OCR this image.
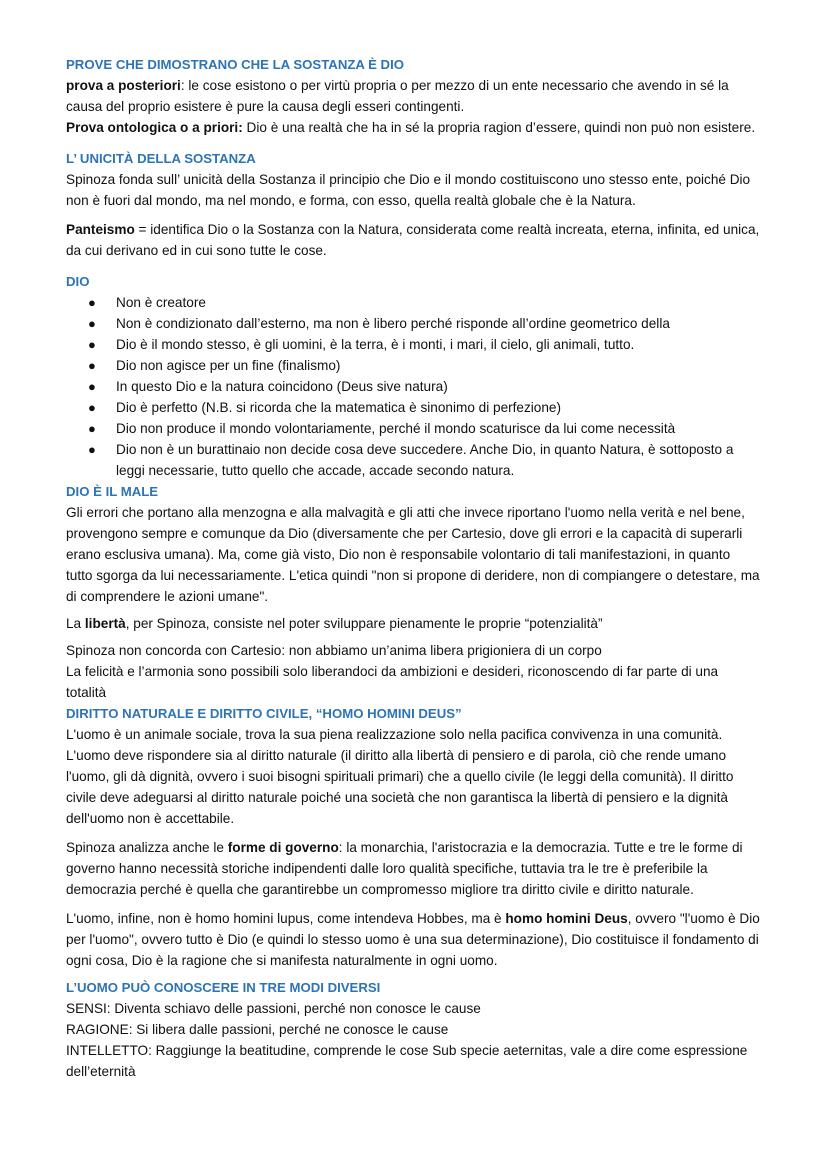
PROVE CHE DIMOSTRANO CHE LA SOSTANZA È DIO

prova a posteriori: le cose esistono o per virtù propria o per mezzo di un ente necessario che avendo in sé la causa del proprio esistere è pure la causa degli esseri contingenti.

Prova ontologica o a priori: Dio è una realtà che ha in sé la propria ragion d’essere, quindi non può non esistere.

L’ UNICITÀ DELLA SOSTANZA

Spinoza fonda sull’ unicità della Sostanza il principio che Dio e il mondo costituiscono uno stesso ente, poiché Dio non è fuori dal mondo, ma nel mondo, e forma, con esso, quella realtà globale che è la Natura.

Panteismo = identifica Dio o la Sostanza con la Natura, considerata come realtà increata, eterna, infinita, ed unica, da cui derivano ed in cui sono tutte le cose.

DIO
● Non è creatore
● Non è condizionato dall’esterno, ma non è libero perché risponde all’ordine geometrico della
● Dio è il mondo stesso, è gli uomini, è la terra, è i monti, i mari, il cielo, gli animali, tutto.
● Dio non agisce per un fine (finalismo)
● In questo Dio e la natura coincidono (Deus sive natura)
● Dio è perfetto (N.B. si ricorda che la matematica è sinonimo di perfezione)
● Dio non produce il mondo volontariamente, perché il mondo scaturisce da lui come necessità
● Dio non è un burattinaio non decide cosa deve succedere. Anche Dio, in quanto Natura, è sottoposto a leggi necessarie, tutto quello che accade, accade secondo natura.
DIO È IL MALE

Gli errori che portano alla menzogna e alla malvagità e gli atti che invece riportano l'uomo nella verità e nel bene, provengono sempre e comunque da Dio (diversamente che per Cartesio, dove gli errori e la capacità di superarli erano esclusiva umana). Ma, come già visto, Dio non è responsabile volontario di tali manifestazioni, in quanto tutto sgorga da lui necessariamente. L'etica quindi "non si propone di deridere, non di compiangere o detestare, ma di comprendere le azioni umane".

La libertà, per Spinoza, consiste nel poter sviluppare pienamente le proprie “potenzialità”

Spinoza non concorda con Cartesio: non abbiamo un’anima libera prigioniera di un corpo

La felicità e l’armonia sono possibili solo liberandoci da ambizioni e desideri, riconoscendo di far parte di una totalità

DIRITTO NATURALE E DIRITTO CIVILE, “HOMO HOMINI DEUS”

L'uomo è un animale sociale, trova la sua piena realizzazione solo nella pacifica convivenza in una comunità. L'uomo deve rispondere sia al diritto naturale (il diritto alla libertà di pensiero e di parola, ciò che rende umano l'uomo, gli dà dignità, ovvero i suoi bisogni spirituali primari) che a quello civile (le leggi della comunità). Il diritto civile deve adeguarsi al diritto naturale poiché una società che non garantisca la libertà di pensiero e la dignità dell'uomo non è accettabile.

Spinoza analizza anche le forme di governo: la monarchia, l'aristocrazia e la democrazia. Tutte e tre le forme di governo hanno necessità storiche indipendenti dalle loro qualità specifiche, tuttavia tra le tre è preferibile la democrazia perché è quella che garantirebbe un compromesso migliore tra diritto civile e diritto naturale.

L'uomo, infine, non è homo homini lupus, come intendeva Hobbes, ma è homo homini Deus, ovvero "l'uomo è Dio per l'uomo", ovvero tutto è Dio (e quindi lo stesso uomo è una sua determinazione), Dio costituisce il fondamento di ogni cosa, Dio è la ragione che si manifesta naturalmente in ogni uomo.

L’UOMO PUÒ CONOSCERE IN TRE MODI DIVERSI

SENSI: Diventa schiavo delle passioni, perché non conosce le cause

RAGIONE: Si libera dalle passioni, perché ne conosce le cause

INTELLETTO: Raggiunge la beatitudine, comprende le cose Sub specie aeternitas, vale a dire come espressione dell’eternità
